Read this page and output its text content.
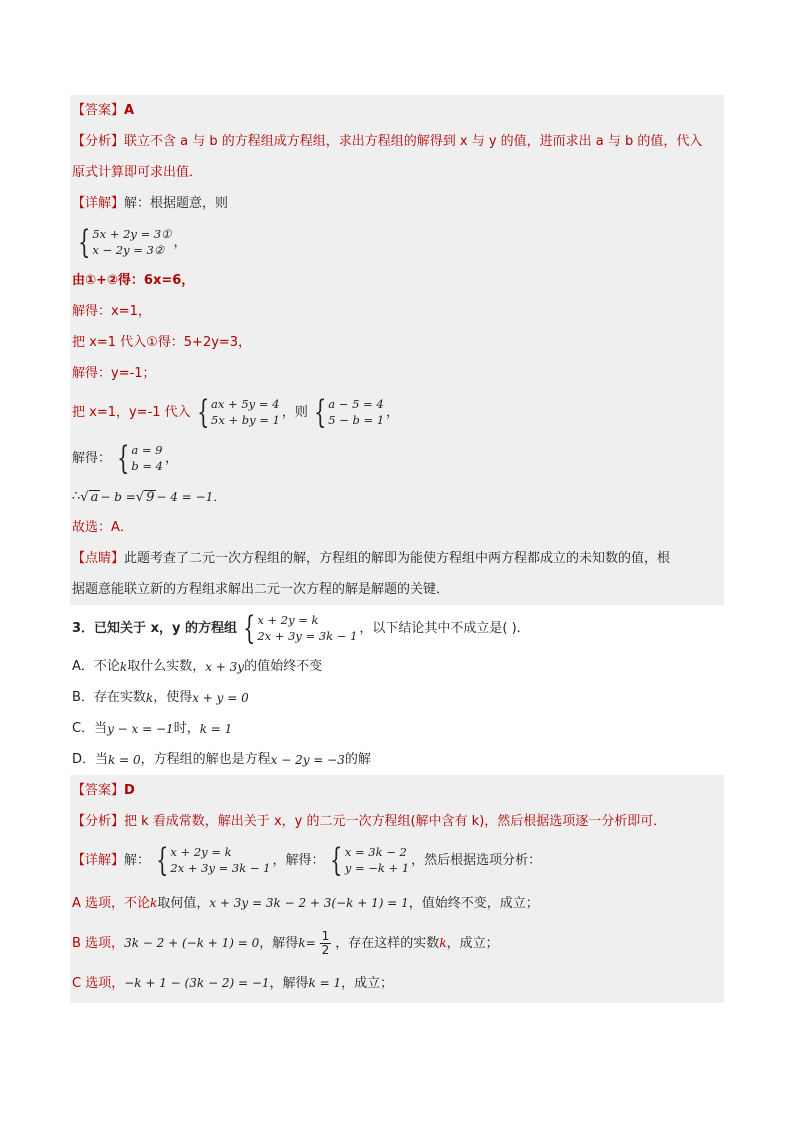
【答案】 A
【分析】 联立不含 a 与 b 的方程组成方程组，求出方程组的解得到 x 与 y 的值，进而求出 a 与 b 的值，代入
原式计算即可求出值．
【详解】 解：根据题意，则
{ 5x + 2y = 3①
x − 2y = 3②
，
由①+②得：6x=6，
解得：x=1，
把 x=1 代入①得：5+2y=3，
解得：y=-1；
把 x=1，y=-1 代入 { ax + 5y = 4
5x + by = 1
，则 { a − 5 = 4
5 − b = 1
，
解得： { a = 9
b = 4
，
∴ √ a − b = √ 9 − 4 = −1．
故选：A．
【点睛】 此题考查了二元一次方程组的解，方程组的解即为能使方程组中两方程都成立的未知数的值，根
据题意能联立新的方程组求解出二元一次方程的解是解题的关键．
3．已知关于 x，y 的方程组 { x + 2y = k
2x + 3y = 3k − 1
，以下结论其中不成立是( )．
A．不论 k 取什么实数， x + 3y 的值始终不变
B．存在实数 k ，使得 x + y = 0
C．当 y − x = −1 时， k = 1
D．当 k = 0 ，方程组的解也是方程 x − 2y = −3 的解
【答案】 D
【分析】 把 k 看成常数，解出关于 x，y 的二元一次方程组(解中含有 k)，然后根据选项逐一分析即可．
【详解】 解： { x + 2y = k
2x + 3y = 3k − 1
，解得： { x = 3k − 2
y = −k + 1
，然后根据选项分析：
A 选项，不论 k 取何值， x + 3y = 3k − 2 + 3(−k + 1) = 1 ，值始终不变，成立；
B 选项， 3k − 2 + (−k + 1) = 0 ，解得 $k = \frac{1}{2}$ ，存在这样的实数 k ，成立；
C 选项， −k + 1 − (3k − 2) = −1 ，解得 k = 1 ，成立；
